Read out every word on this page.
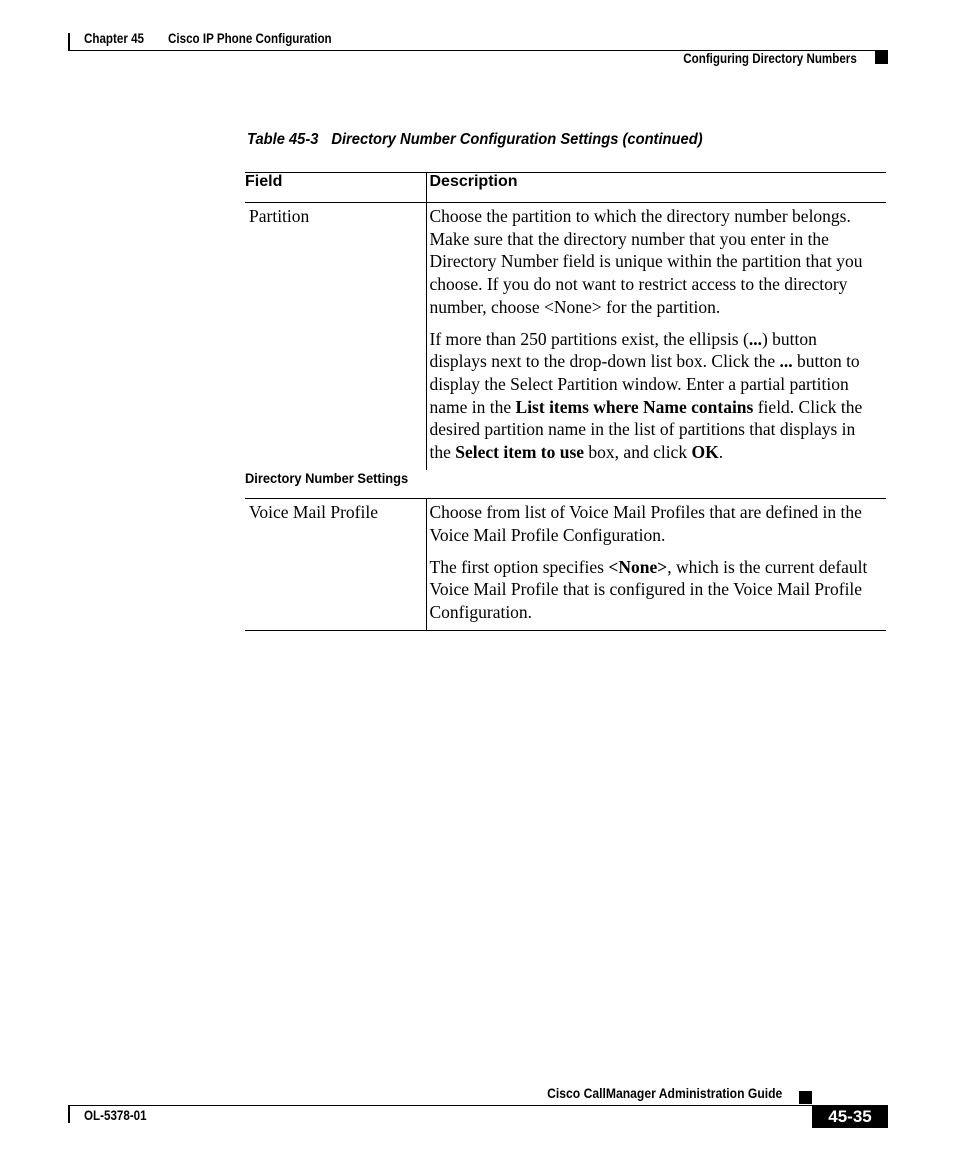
Chapter 45 Cisco IP Phone Configuration
Configuring Directory Numbers
Table 45-3 Directory Number Configuration Settings (continued)
Field	Description
Partition	Choose the partition to which the directory number belongs. Make sure that the directory number that you enter in the Directory Number field is unique within the partition that you choose. If you do not want to restrict access to the directory number, choose <None> for the partition.

If more than 250 partitions exist, the ellipsis (...) button displays next to the drop-down list box. Click the ... button to display the Select Partition window. Enter a partial partition name in the List items where Name contains field. Click the desired partition name in the list of partitions that displays in the Select item to use box, and click OK.

Directory Number Settings	
Voice Mail Profile	Choose from list of Voice Mail Profiles that are defined in the Voice Mail Profile Configuration.

The first option specifies <None>, which is the current default Voice Mail Profile that is configured in the Voice Mail Profile Configuration.

Cisco CallManager Administration Guide
OL-5378-01	45-35
